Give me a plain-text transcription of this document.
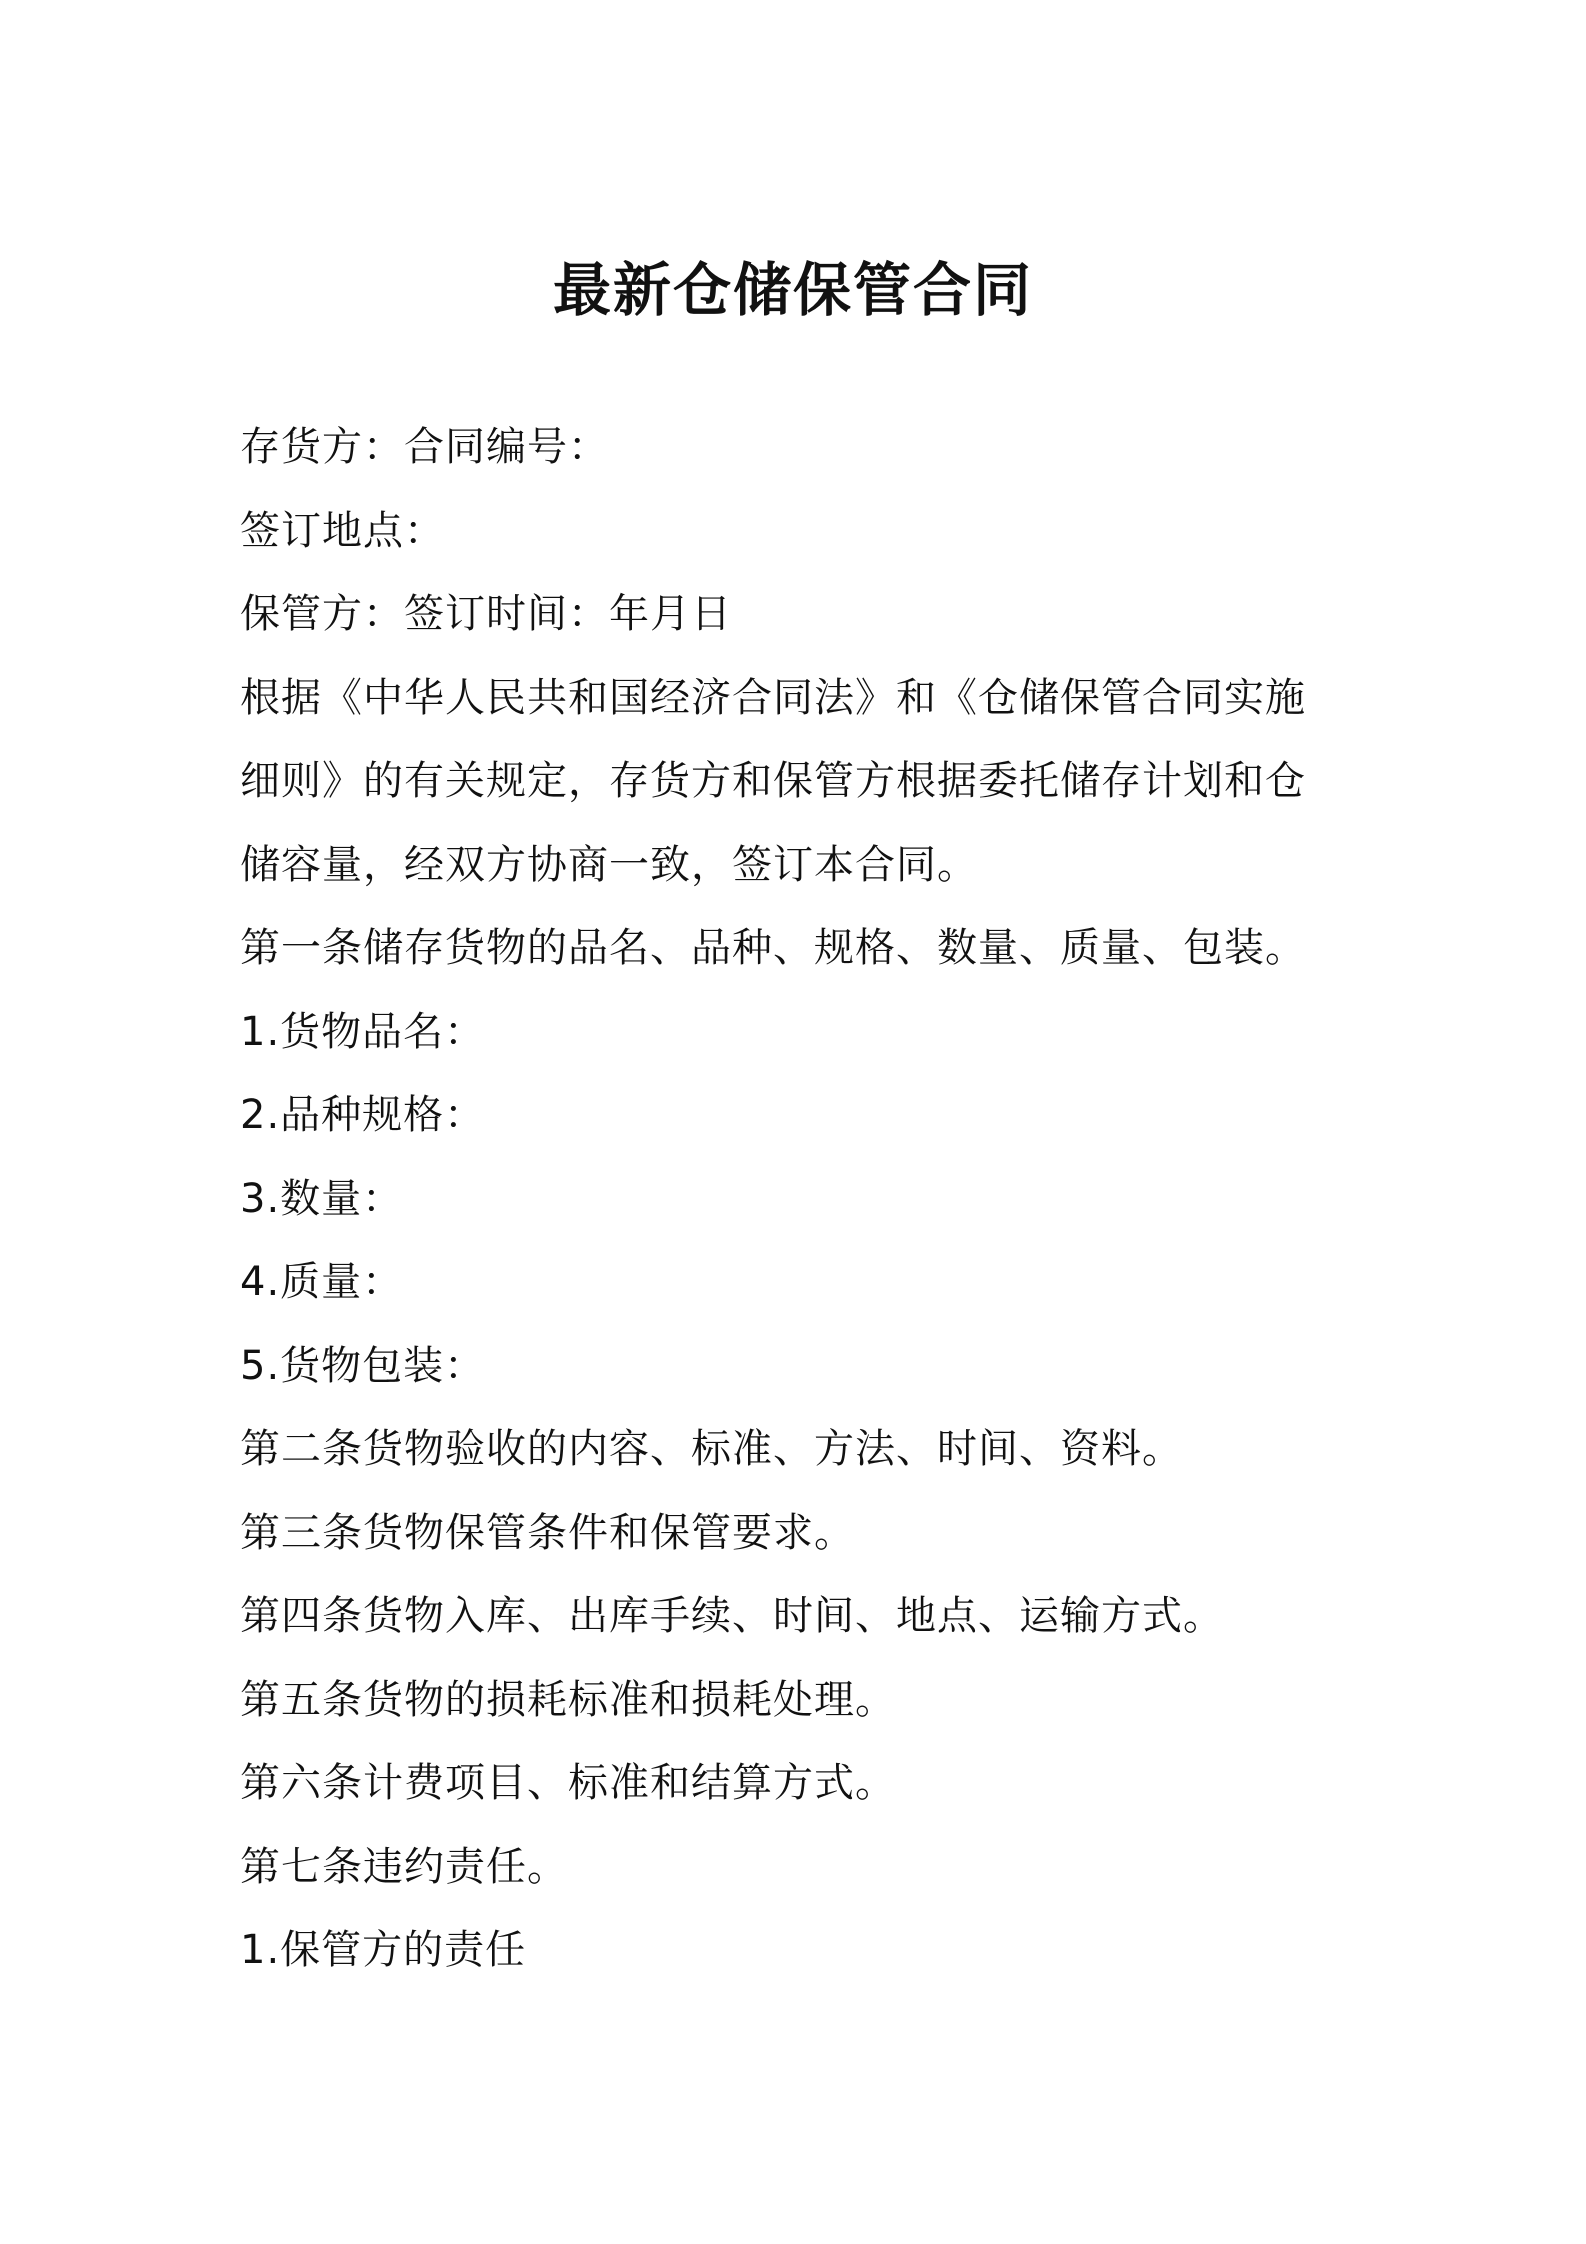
最新仓储保管合同
存货方：合同编号：
签订地点：
保管方：签订时间：年月日
根据《中华人民共和国经济合同法》和《仓储保管合同实施
细则》的有关规定，存货方和保管方根据委托储存计划和仓
储容量，经双方协商一致，签订本合同。
第一条储存货物的品名、品种、规格、数量、质量、包装。
1.货物品名：
2.品种规格：
3.数量：
4.质量：
5.货物包装：
第二条货物验收的内容、标准、方法、时间、资料。
第三条货物保管条件和保管要求。
第四条货物入库、出库手续、时间、地点、运输方式。
第五条货物的损耗标准和损耗处理。
第六条计费项目、标准和结算方式。
第七条违约责任。
1.保管方的责任
